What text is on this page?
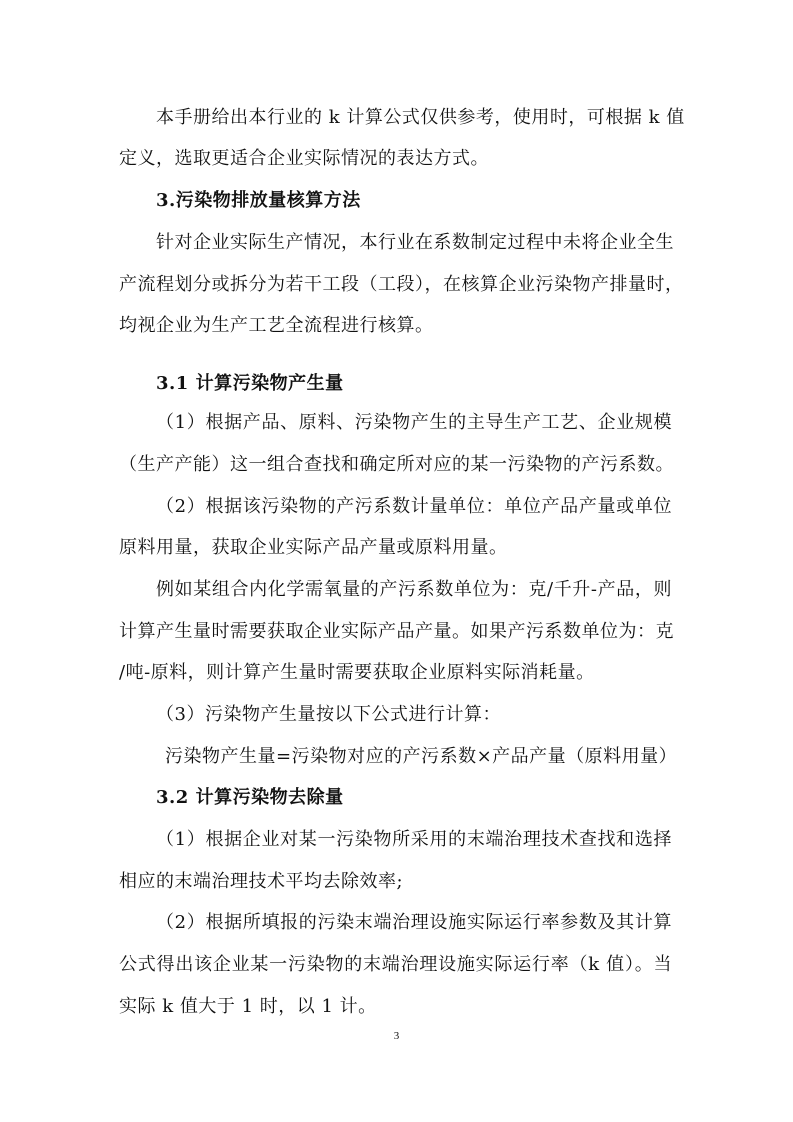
本手册给出本行业的 k 计算公式仅供参考，使用时，可根据 k 值
定义，选取更适合企业实际情况的表达方式。
3.污染物排放量核算方法
针对企业实际生产情况，本行业在系数制定过程中未将企业全生
产流程划分或拆分为若干工段（工段），在核算企业污染物产排量时，
均视企业为生产工艺全流程进行核算。
3.1 计算污染物产生量
（1）根据产品、原料、污染物产生的主导生产工艺、企业规模
（生产产能）这一组合查找和确定所对应的某一污染物的产污系数。
（2）根据该污染物的产污系数计量单位：单位产品产量或单位
原料用量，获取企业实际产品产量或原料用量。
例如某组合内化学需氧量的产污系数单位为：克/千升-产品，则
计算产生量时需要获取企业实际产品产量。如果产污系数单位为：克
/吨-原料，则计算产生量时需要获取企业原料实际消耗量。
（3）污染物产生量按以下公式进行计算：
污染物产生量=污染物对应的产污系数×产品产量（原料用量）
3.2 计算污染物去除量
（1）根据企业对某一污染物所采用的末端治理技术查找和选择
相应的末端治理技术平均去除效率;
（2）根据所填报的污染末端治理设施实际运行率参数及其计算
公式得出该企业某一污染物的末端治理设施实际运行率（k 值）。当
实际 k 值大于 1 时，以 1 计。
3
